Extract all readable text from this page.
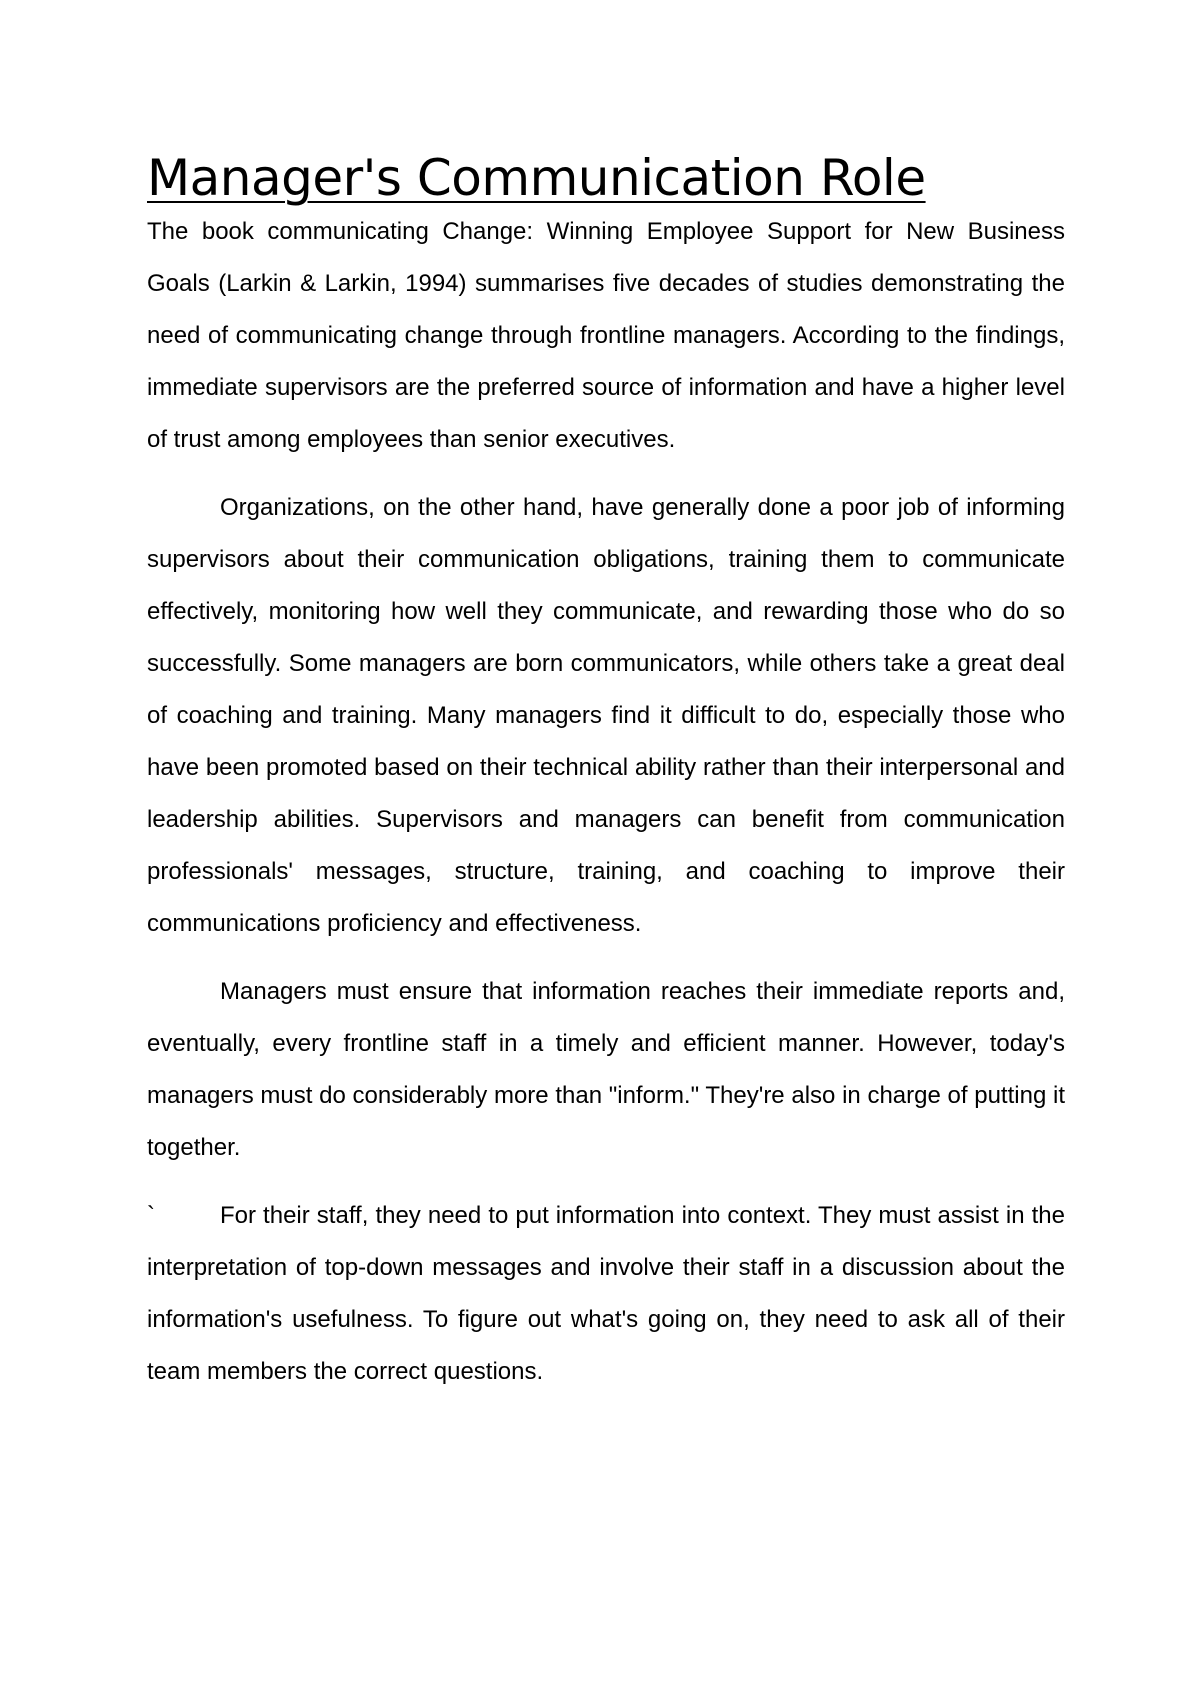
Manager's Communication Role

The book communicating Change: Winning Employee Support for New Business Goals (Larkin & Larkin, 1994) summarises five decades of studies demonstrating the need of communicating change through frontline managers. According to the findings, immediate supervisors are the preferred source of information and have a higher level of trust among employees than senior executives.

Organizations, on the other hand, have generally done a poor job of informing supervisors about their communication obligations, training them to communicate effectively, monitoring how well they communicate, and rewarding those who do so successfully. Some managers are born communicators, while others take a great deal of coaching and training. Many managers find it difficult to do, especially those who have been promoted based on their technical ability rather than their interpersonal and leadership abilities. Supervisors and managers can benefit from communication professionals' messages, structure, training, and coaching to improve their communications proficiency and effectiveness.

Managers must ensure that information reaches their immediate reports and, eventually, every frontline staff in a timely and efficient manner. However, today's managers must do considerably more than "inform." They're also in charge of putting it together.

`	For their staff, they need to put information into context. They must assist in the interpretation of top-down messages and involve their staff in a discussion about the information's usefulness. To figure out what's going on, they need to ask all of their team members the correct questions.
